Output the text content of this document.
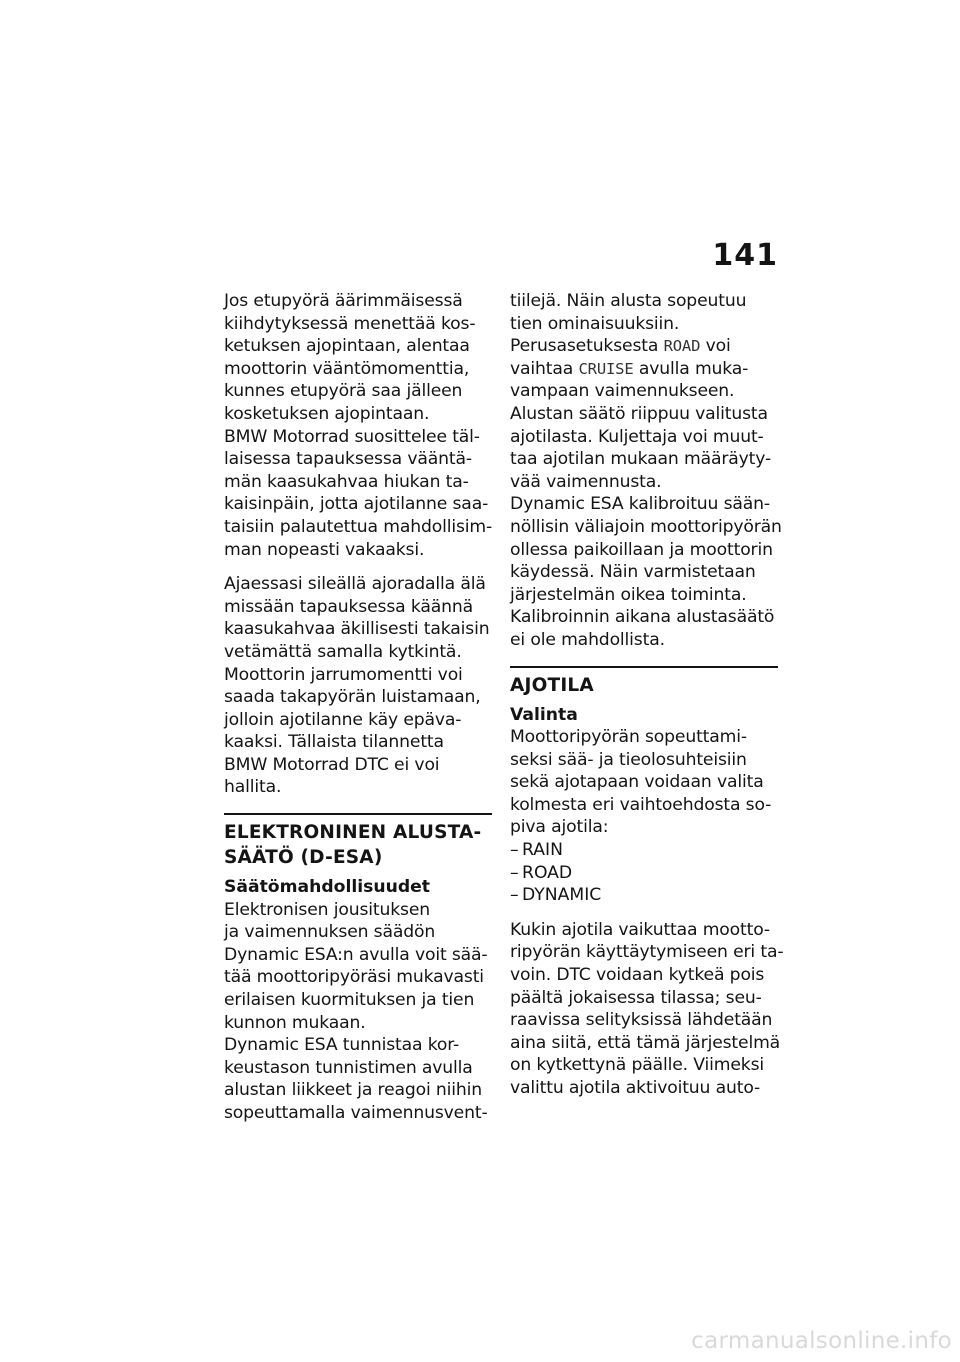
141
Jos etupyörä äärimmäisessä
kiihdytyksessä menettää kos-
ketuksen ajopintaan, alentaa
moottorin vääntömomenttia,
kunnes etupyörä saa jälleen
kosketuksen ajopintaan.
BMW Motorrad suosittelee täl-
laisessa tapauksessa vääntä-
män kaasukahvaa hiukan ta-
kaisinpäin, jotta ajotilanne saa-
taisiin palautettua mahdollisim-
man nopeasti vakaaksi.
Ajaessasi sileällä ajoradalla älä
missään tapauksessa käännä
kaasukahvaa äkillisesti takaisin
vetämättä samalla kytkintä.
Moottorin jarrumomentti voi
saada takapyörän luistamaan,
jolloin ajotilanne käy epäva-
kaaksi. Tällaista tilannetta
BMW Motorrad DTC ei voi
hallita.
ELEKTRONINEN ALUSTA-
SÄÄTÖ (D-ESA)
Säätömahdollisuudet
Elektronisen jousituksen
ja vaimennuksen säädön
Dynamic ESA:n avulla voit sää-
tää moottoripyöräsi mukavasti
erilaisen kuormituksen ja tien
kunnon mukaan.
Dynamic ESA tunnistaa kor-
keustason tunnistimen avulla
alustan liikkeet ja reagoi niihin
sopeuttamalla vaimennusvent-
tiilejä. Näin alusta sopeutuu
tien ominaisuuksiin.
Perusasetuksesta ROAD voi
vaihtaa CRUISE avulla muka-
vampaan vaimennukseen.
Alustan säätö riippuu valitusta
ajotilasta. Kuljettaja voi muut-
taa ajotilan mukaan määräyty-
vää vaimennusta.
Dynamic ESA kalibroituu sään-
nöllisin väliajoin moottoripyörän
ollessa paikoillaan ja moottorin
käydessä. Näin varmistetaan
järjestelmän oikea toiminta.
Kalibroinnin aikana alustasäätö
ei ole mahdollista.
AJOTILA
Valinta
Moottoripyörän sopeuttami-
seksi sää- ja tieolosuhteisiin
sekä ajotapaan voidaan valita
kolmesta eri vaihtoehdosta so-
piva ajotila:
– RAIN
– ROAD
– DYNAMIC
Kukin ajotila vaikuttaa mootto-
ripyörän käyttäytymiseen eri ta-
voin. DTC voidaan kytkeä pois
päältä jokaisessa tilassa; seu-
raavissa selityksissä lähdetään
aina siitä, että tämä järjestelmä
on kytkettynä päälle. Viimeksi
valittu ajotila aktivoituu auto-
carmanualsonline.info
